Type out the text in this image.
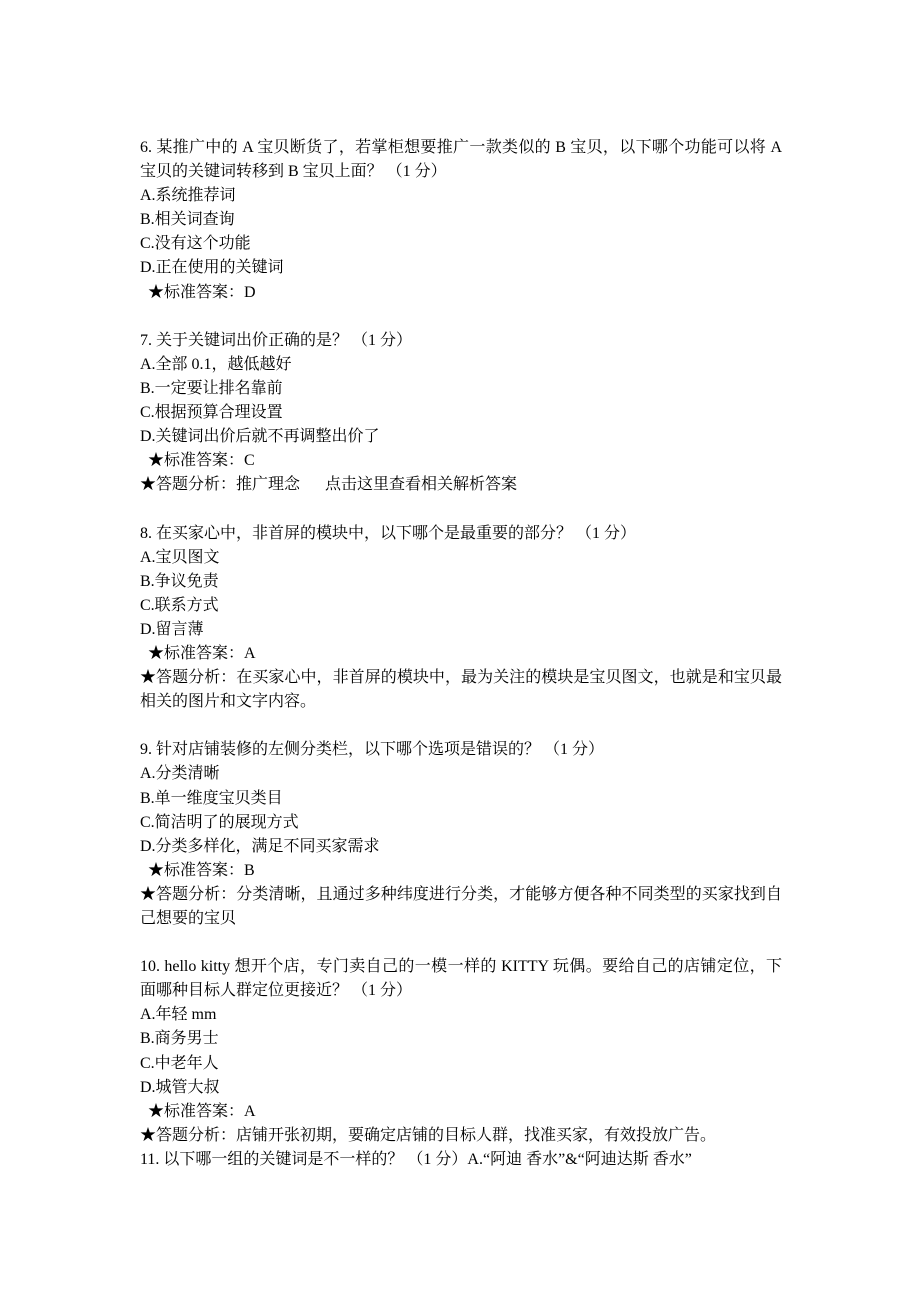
6. 某推广中的 A 宝贝断货了，若掌柜想要推广一款类似的 B 宝贝，以下哪个功能可以将 A
宝贝的关键词转移到 B 宝贝上面？ （1 分）
A.系统推荐词
B.相关词查询
C.没有这个功能
D.正在使用的关键词
★标准答案：D
7. 关于关键词出价正确的是？ （1 分）
A.全部 0.1，越低越好
B.一定要让排名靠前
C.根据预算合理设置
D.关键词出价后就不再调整出价了
★标准答案：C
★答题分析：推广理念 点击这里查看相关解析答案
8. 在买家心中，非首屏的模块中，以下哪个是最重要的部分？ （1 分）
A.宝贝图文
B.争议免责
C.联系方式
D.留言薄
★标准答案：A
★答题分析：在买家心中，非首屏的模块中，最为关注的模块是宝贝图文，也就是和宝贝最
相关的图片和文字内容。
9. 针对店铺装修的左侧分类栏，以下哪个选项是错误的？ （1 分）
A.分类清晰
B.单一维度宝贝类目
C.简洁明了的展现方式
D.分类多样化，满足不同买家需求
★标准答案：B
★答题分析：分类清晰，且通过多种纬度进行分类，才能够方便各种不同类型的买家找到自
己想要的宝贝
10. hello kitty 想开个店，专门卖自己的一模一样的 KITTY 玩偶。要给自己的店铺定位，下
面哪种目标人群定位更接近？ （1 分）
A.年轻 mm
B.商务男士
C.中老年人
D.城管大叔
★标准答案：A
★答题分析：店铺开张初期，要确定店铺的目标人群，找准买家，有效投放广告。
11. 以下哪一组的关键词是不一样的？ （1 分）A.“阿迪 香水”&“阿迪达斯 香水”
